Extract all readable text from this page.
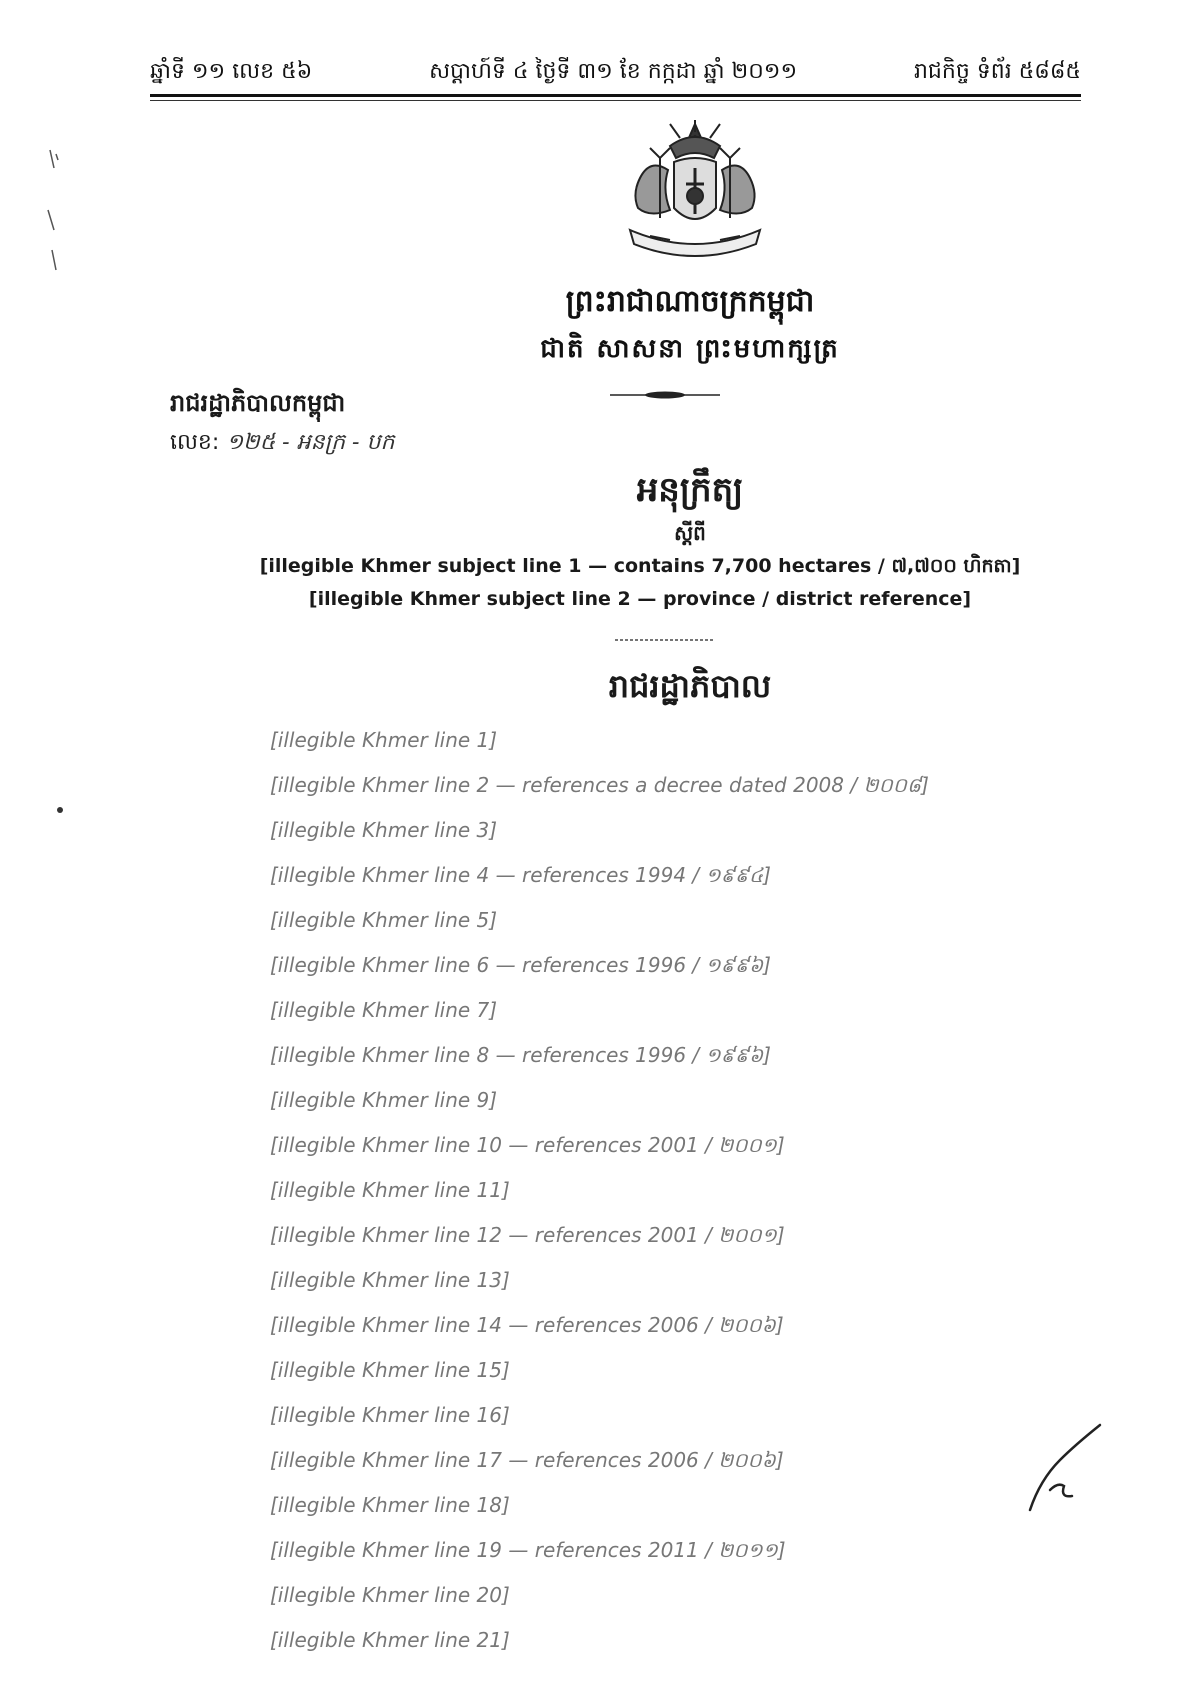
ឆ្នាំទី ១១ លេខ ៥៦	សប្តាហ៍ទី ៤ ថ្ងៃទី ៣១ ខែ កក្កដា ឆ្នាំ ២០១១	រាជកិច្ច ទំព័រ ៥៨៨៥
ព្រះរាជាណាចក្រកម្ពុជា
ជាតិ សាសនា ព្រះមហាក្សត្រ
រាជរដ្ឋាភិបាលកម្ពុជា
លេខ: ១២៥ - អនក្រ - បក
អនុក្រឹត្យ
ស្តីពី
[illegible Khmer subject line 1 — contains 7,700 hectares / ៧,៧០០ ហិកតា]
[illegible Khmer subject line 2 — province / district reference]
រាជរដ្ឋាភិបាល
[illegible Khmer line 1]
[illegible Khmer line 2 — references a decree dated 2008 / ២០០៨]
[illegible Khmer line 3]
[illegible Khmer line 4 — references 1994 / ១៩៩៤]
[illegible Khmer line 5]
[illegible Khmer line 6 — references 1996 / ១៩៩៦]
[illegible Khmer line 7]
[illegible Khmer line 8 — references 1996 / ១៩៩៦]
[illegible Khmer line 9]
[illegible Khmer line 10 — references 2001 / ២០០១]
[illegible Khmer line 11]
[illegible Khmer line 12 — references 2001 / ២០០១]
[illegible Khmer line 13]
[illegible Khmer line 14 — references 2006 / ២០០៦]
[illegible Khmer line 15]
[illegible Khmer line 16]
[illegible Khmer line 17 — references 2006 / ២០០៦]
[illegible Khmer line 18]
[illegible Khmer line 19 — references 2011 / ២០១១]
[illegible Khmer line 20]
[illegible Khmer line 21]
